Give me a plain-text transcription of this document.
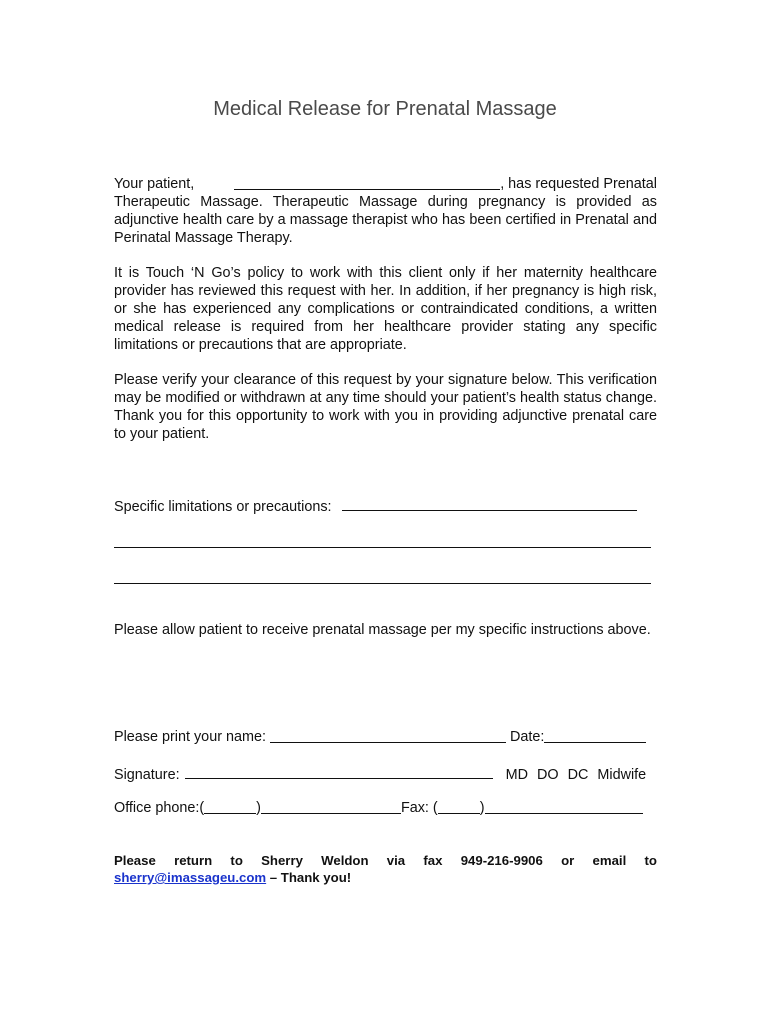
Medical Release for Prenatal Massage
Your patient,	, has requested Prenatal
Therapeutic Massage. Therapeutic Massage during pregnancy is provided as adjunctive health care by a massage therapist who has been certified in Prenatal and Perinatal Massage Therapy.

It is Touch ‘N Go’s policy to work with this client only if her maternity healthcare provider has reviewed this request with her. In addition, if her pregnancy is high risk, or she has experienced any complications or contraindicated conditions, a written medical release is required from her healthcare provider stating any specific limitations or precautions that are appropriate.

Please verify your clearance of this request by your signature below. This verification may be modified or withdrawn at any time should your patient’s health status change. Thank you for this opportunity to work with you in providing adjunctive prenatal care to your patient.

Specific limitations or precautions:

Please allow patient to receive prenatal massage per my specific instructions above.

Please print your name:	Date:
Signature:	MD DO DC Midwife
Office phone:(	)	Fax: (	)
Please return to Sherry Weldon via fax 949-216-9906 or email to
sherry@imassageu.com – Thank you!
